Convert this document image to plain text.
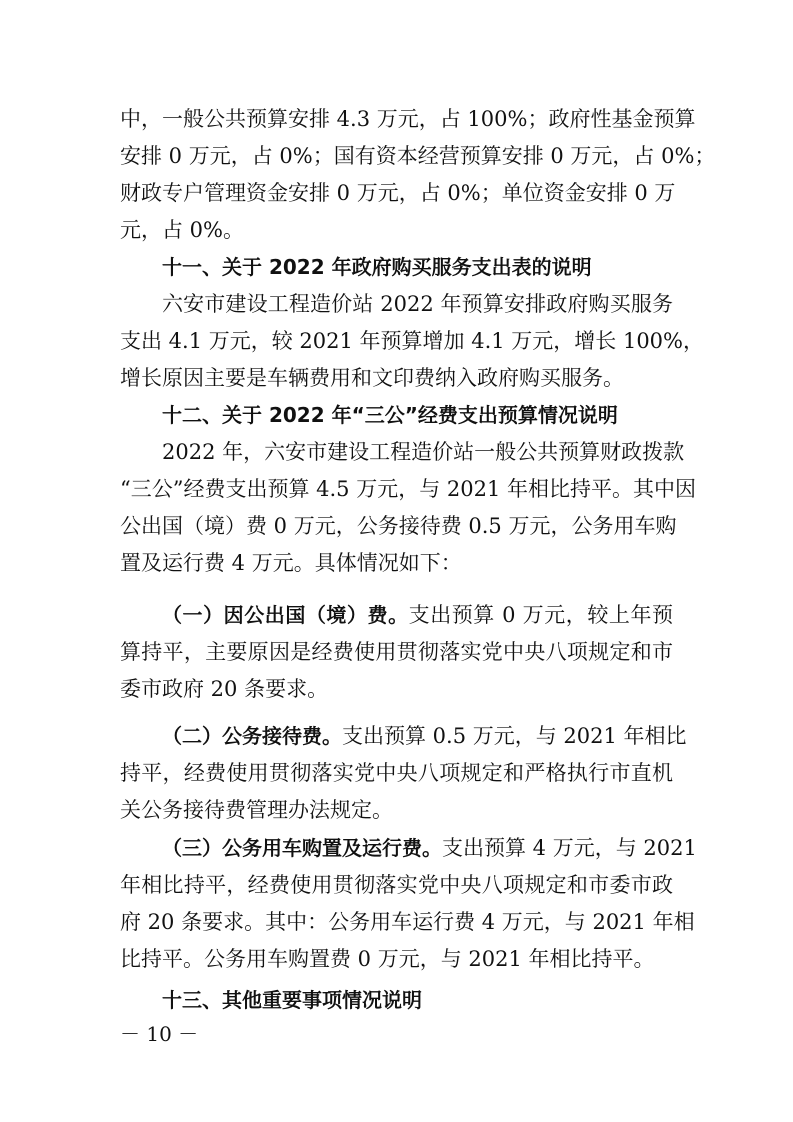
中，一般公共预算安排 4.3 万元，占 100%；政府性基金预算
安排 0 万元，占 0%；国有资本经营预算安排 0 万元，占 0%；
财政专户管理资金安排 0 万元，占 0%；单位资金安排 0 万
元，占 0%。
十一、关于 2022 年政府购买服务支出表的说明
六安市建设工程造价站 2022 年预算安排政府购买服务
支出 4.1 万元，较 2021 年预算增加 4.1 万元，增长 100%，
增长原因主要是车辆费用和文印费纳入政府购买服务。
十二、关于 2022 年“三公”经费支出预算情况说明
2022 年，六安市建设工程造价站一般公共预算财政拨款
“三公”经费支出预算 4.5 万元，与 2021 年相比持平。其中因
公出国（境）费 0 万元，公务接待费 0.5 万元，公务用车购
置及运行费 4 万元。具体情况如下：
（一）因公出国（境）费。支出预算 0 万元，较上年预
算持平，主要原因是经费使用贯彻落实党中央八项规定和市
委市政府 20 条要求。
（二）公务接待费。支出预算 0.5 万元，与 2021 年相比
持平，经费使用贯彻落实党中央八项规定和严格执行市直机
关公务接待费管理办法规定。
（三）公务用车购置及运行费。支出预算 4 万元，与 2021
年相比持平，经费使用贯彻落实党中央八项规定和市委市政
府 20 条要求。其中：公务用车运行费 4 万元，与 2021 年相
比持平。公务用车购置费 0 万元，与 2021 年相比持平。
十三、其他重要事项情况说明
－ 10 －
